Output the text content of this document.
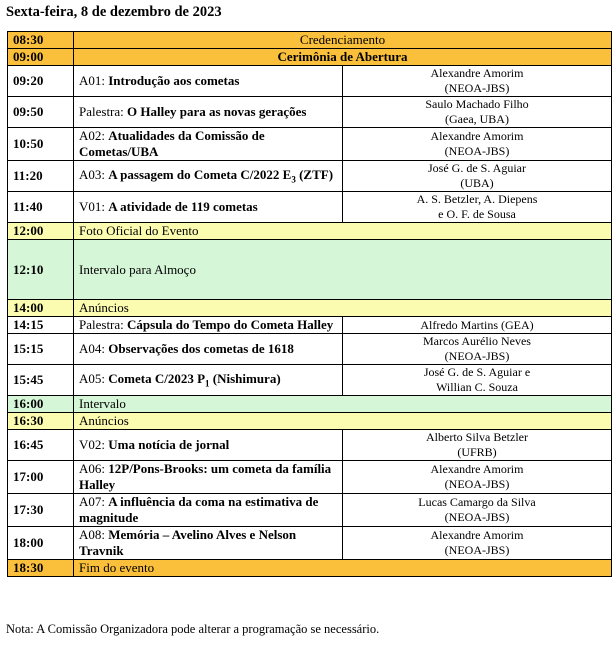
Sexta-feira, 8 de dezembro de 2023
08:30	Credenciamento	
09:00	Cerimônia de Abertura	
09:20	A01: Introdução aos cometas	Alexandre Amorim
(NEOA-JBS)

09:50	Palestra: O Halley para as novas gerações	Saulo Machado Filho
(Gaea, UBA)

10:50	A02: Atualidades da Comissão de Cometas/UBA	Alexandre Amorim
(NEOA-JBS)

11:20	A03: A passagem do Cometa C/2022 $E_3$ (ZTF)	José G. de S. Aguiar
(UBA)

11:40	V01: A atividade de 119 cometas	A. S. Betzler, A. Diepens
e O. F. de Sousa

12:00	Foto Oficial do Evento	
12:10	Intervalo para Almoço	
14:00	Anúncios	
14:15	Palestra: Cápsula do Tempo do Cometa Halley	Alfredo Martins (GEA)

15:15	A04: Observações dos cometas de 1618	Marcos Aurélio Neves
(NEOA-JBS)

15:45	A05: Cometa C/2023 $P_1$ (Nishimura)	José G. de S. Aguiar e
Willian C. Souza

16:00	Intervalo	
16:30	Anúncios	
16:45	V02: Uma notícia de jornal	Alberto Silva Betzler
(UFRB)

17:00	A06: 12P/Pons-Brooks: um cometa da família Halley	Alexandre Amorim
(NEOA-JBS)

17:30	A07: A influência da coma na estimativa de magnitude	Lucas Camargo da Silva
(NEOA-JBS)

18:00	A08: Memória – Avelino Alves e Nelson Travnik	Alexandre Amorim
(NEOA-JBS)

18:30	Fim do evento	
Nota: A Comissão Organizadora pode alterar a programação se necessário.
